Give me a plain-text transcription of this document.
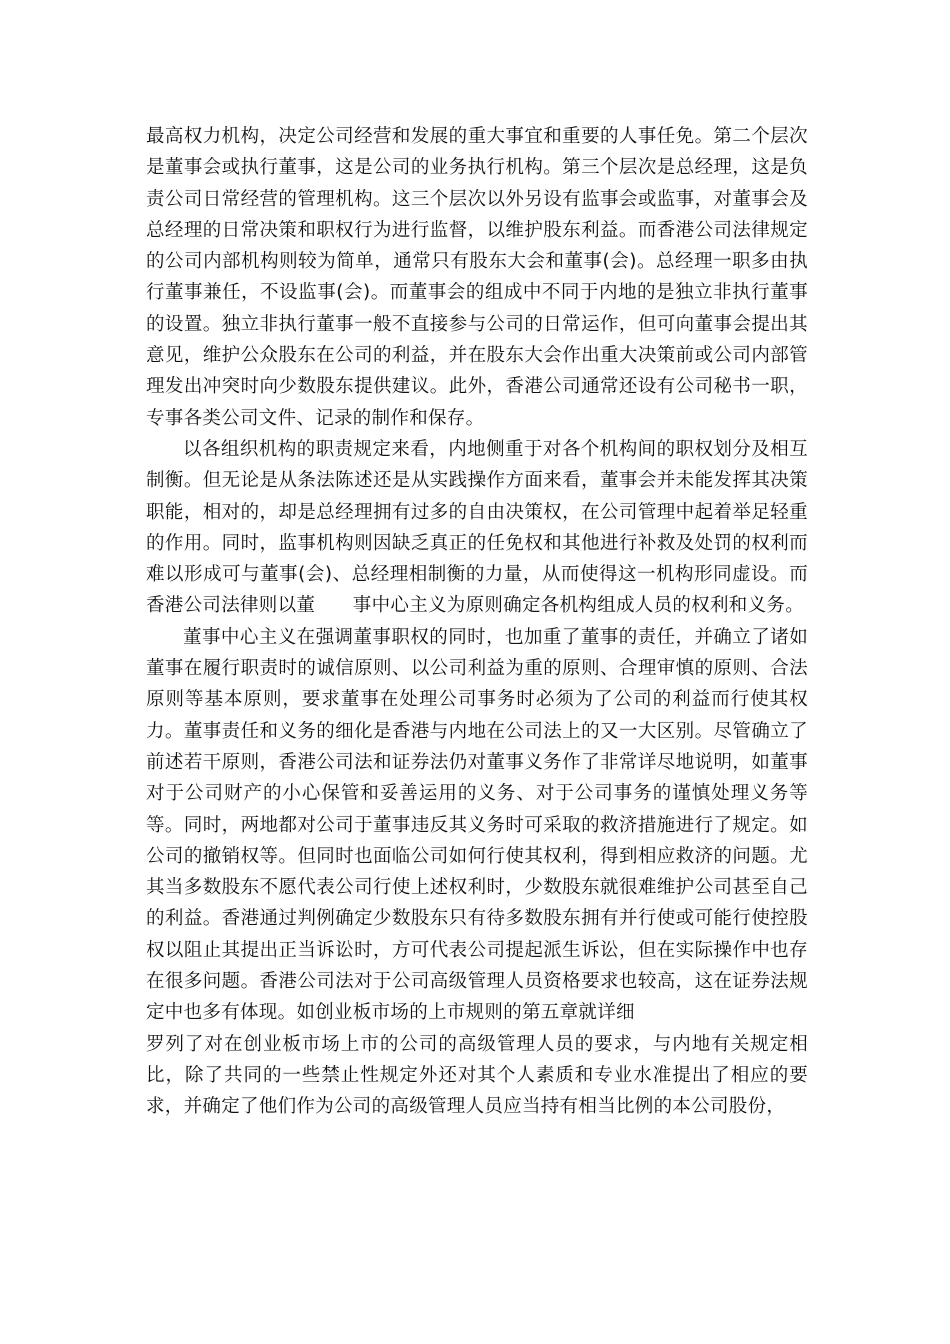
最高权力机构，决定公司经营和发展的重大事宜和重要的人事任免。第二个层次是董事会或执行董事，这是公司的业务执行机构。第三个层次是总经理，这是负责公司日常经营的管理机构。这三个层次以外另设有监事会或监事，对董事会及总经理的日常决策和职权行为进行监督，以维护股东利益。而香港公司法律规定的公司内部机构则较为简单，通常只有股东大会和董事(会)。总经理一职多由执行董事兼任，不设监事(会)。而董事会的组成中不同于内地的是独立非执行董事的设置。独立非执行董事一般不直接参与公司的日常运作，但可向董事会提出其意见，维护公众股东在公司的利益，并在股东大会作出重大决策前或公司内部管理发出冲突时向少数股东提供建议。此外，香港公司通常还设有公司秘书一职，专事各类公司文件、记录的制作和保存。

以各组织机构的职责规定来看，内地侧重于对各个机构间的职权划分及相互制衡。但无论是从条法陈述还是从实践操作方面来看，董事会并未能发挥其决策职能，相对的，却是总经理拥有过多的自由决策权，在公司管理中起着举足轻重的作用。同时，监事机构则因缺乏真正的任免权和其他进行补救及处罚的权利而难以形成可与董事(会)、总经理相制衡的力量，从而使得这一机构形同虚设。而香港公司法律则以董　　事中心主义为原则确定各机构组成人员的权利和义务。

董事中心主义在强调董事职权的同时，也加重了董事的责任，并确立了诸如董事在履行职责时的诚信原则、以公司利益为重的原则、合理审慎的原则、合法原则等基本原则，要求董事在处理公司事务时必须为了公司的利益而行使其权力。董事责任和义务的细化是香港与内地在公司法上的又一大区别。尽管确立了前述若干原则，香港公司法和证券法仍对董事义务作了非常详尽地说明，如董事对于公司财产的小心保管和妥善运用的义务、对于公司事务的谨慎处理义务等等。同时，两地都对公司于董事违反其义务时可采取的救济措施进行了规定。如公司的撤销权等。但同时也面临公司如何行使其权利，得到相应救济的问题。尤其当多数股东不愿代表公司行使上述权利时，少数股东就很难维护公司甚至自己的利益。香港通过判例确定少数股东只有待多数股东拥有并行使或可能行使控股权以阻止其提出正当诉讼时，方可代表公司提起派生诉讼，但在实际操作中也存在很多问题。香港公司法对于公司高级管理人员资格要求也较高，这在证券法规定中也多有体现。如创业板市场的上市规则的第五章就详细

罗列了对在创业板市场上市的公司的高级管理人员的要求，与内地有关规定相比，除了共同的一些禁止性规定外还对其个人素质和专业水准提出了相应的要求，并确定了他们作为公司的高级管理人员应当持有相当比例的本公司股份，
